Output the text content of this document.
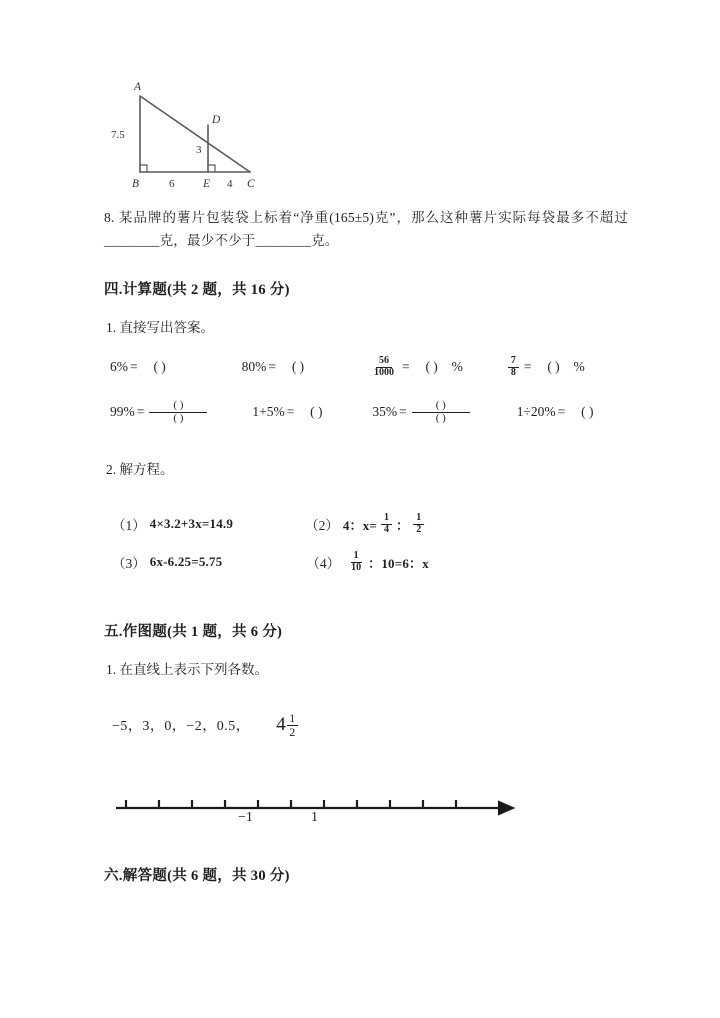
A
B	C
D
E
7.5
3
6	4
8. 某品牌的薯片包装袋上标着“净重(165±5)克”，那么这种薯片实际每袋最多不超过________克，最少不少于________克。
四.计算题(共 2 题，共 16 分)
1. 直接写出答案。
6% =	( )	80% =	( )	$\frac{56}{1000}$ =	( )	%	$\frac{7}{8}$ =	( )	%
$99\% = \frac{( )}{( )}$	1+5% =	( )	$35\% = \frac{( )}{( )}$	1÷20% =	( )
2. 解方程。
（1） 4×3.2+3x=14.9	（2） 4：$x= \frac{1}{4}$ ： $\frac{1}{2}$
（3） 6x-6.25=5.75	$(4) \frac{1}{10}$ ：10=6：x
五.作图题(共 1 题，共 6 分)
1. 在直线上表示下列各数。
−5，3，0，−2，0.5， $4 \frac{1}{2}$
−1	1
六.解答题(共 6 题，共 30 分)
